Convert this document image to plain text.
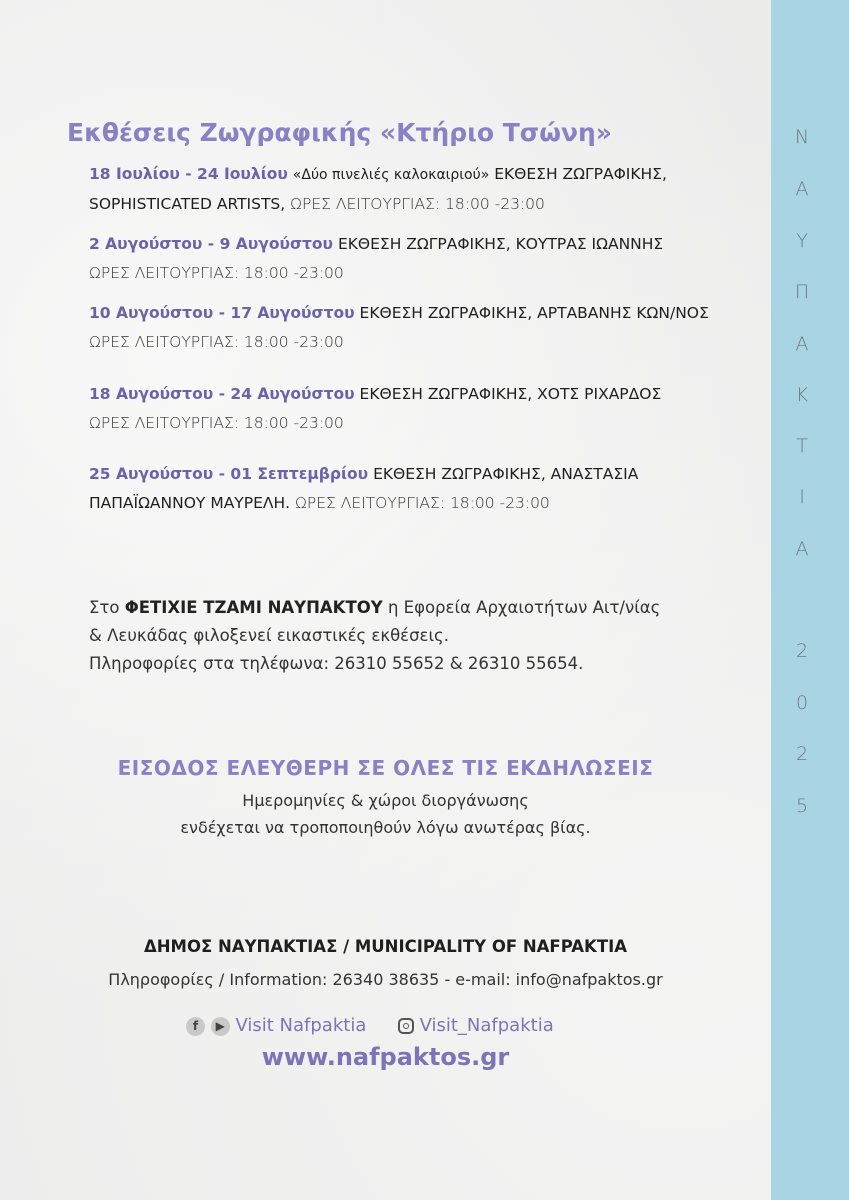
Ν
Α
Υ
Π
Α
Κ
Τ
Ι
Α
2
0
2
5
Εκθέσεις Ζωγραφικής «Κτήριο Τσώνη»
18 Ιουλίου - 24 Ιουλίου «Δύο πινελιές καλοκαιριού» ΕΚΘΕΣΗ ΖΩΓΡΑΦΙΚΗΣ, SOPHISTICATED ARTISTS, ΩΡΕΣ ΛΕΙΤΟΥΡΓΙΑΣ: 18:00 -23:00
2 Αυγούστου - 9 Αυγούστου ΕΚΘΕΣΗ ΖΩΓΡΑΦΙΚΗΣ, ΚΟΥΤΡΑΣ ΙΩΑΝΝΗΣ
ΩΡΕΣ ΛΕΙΤΟΥΡΓΙΑΣ: 18:00 -23:00
10 Αυγούστου - 17 Αυγούστου ΕΚΘΕΣΗ ΖΩΓΡΑΦΙΚΗΣ, ΑΡΤΑΒΑΝΗΣ ΚΩΝ/ΝΟΣ
ΩΡΕΣ ΛΕΙΤΟΥΡΓΙΑΣ: 18:00 -23:00
18 Αυγούστου - 24 Αυγούστου ΕΚΘΕΣΗ ΖΩΓΡΑΦΙΚΗΣ, ΧΟΤΣ ΡΙΧΑΡΔΟΣ
ΩΡΕΣ ΛΕΙΤΟΥΡΓΙΑΣ: 18:00 -23:00
25 Αυγούστου - 01 Σεπτεμβρίου ΕΚΘΕΣΗ ΖΩΓΡΑΦΙΚΗΣ, ΑΝΑΣΤΑΣΙΑ ΠΑΠΑΪΩΑΝΝΟΥ ΜΑΥΡΕΛΗ. ΩΡΕΣ ΛΕΙΤΟΥΡΓΙΑΣ: 18:00 -23:00
Στο ΦΕΤΙΧΙΕ ΤΖΑΜΙ ΝΑΥΠΑΚΤΟΥ η Εφορεία Αρχαιοτήτων Αιτ/νίας
& Λευκάδας φιλοξενεί εικαστικές εκθέσεις.
Πληροφορίες στα τηλέφωνα: 26310 55652 & 26310 55654.
ΕΙΣΟΔΟΣ ΕΛΕΥΘΕΡΗ ΣΕ ΟΛΕΣ ΤΙΣ ΕΚΔΗΛΩΣΕΙΣ
Ημερομηνίες & χώροι διοργάνωσης
ενδέχεται να τροποποιηθούν λόγω ανωτέρας βίας.
ΔΗΜΟΣ ΝΑΥΠΑΚΤΙΑΣ / MUNICIPALITY OF NAFPAKTIA
Πληροφορίες / Information: 26340 38635 - e-mail: info@nafpaktos.gr
f ▶ Visit Nafpaktia	Visit_Nafpaktia
www.nafpaktos.gr
